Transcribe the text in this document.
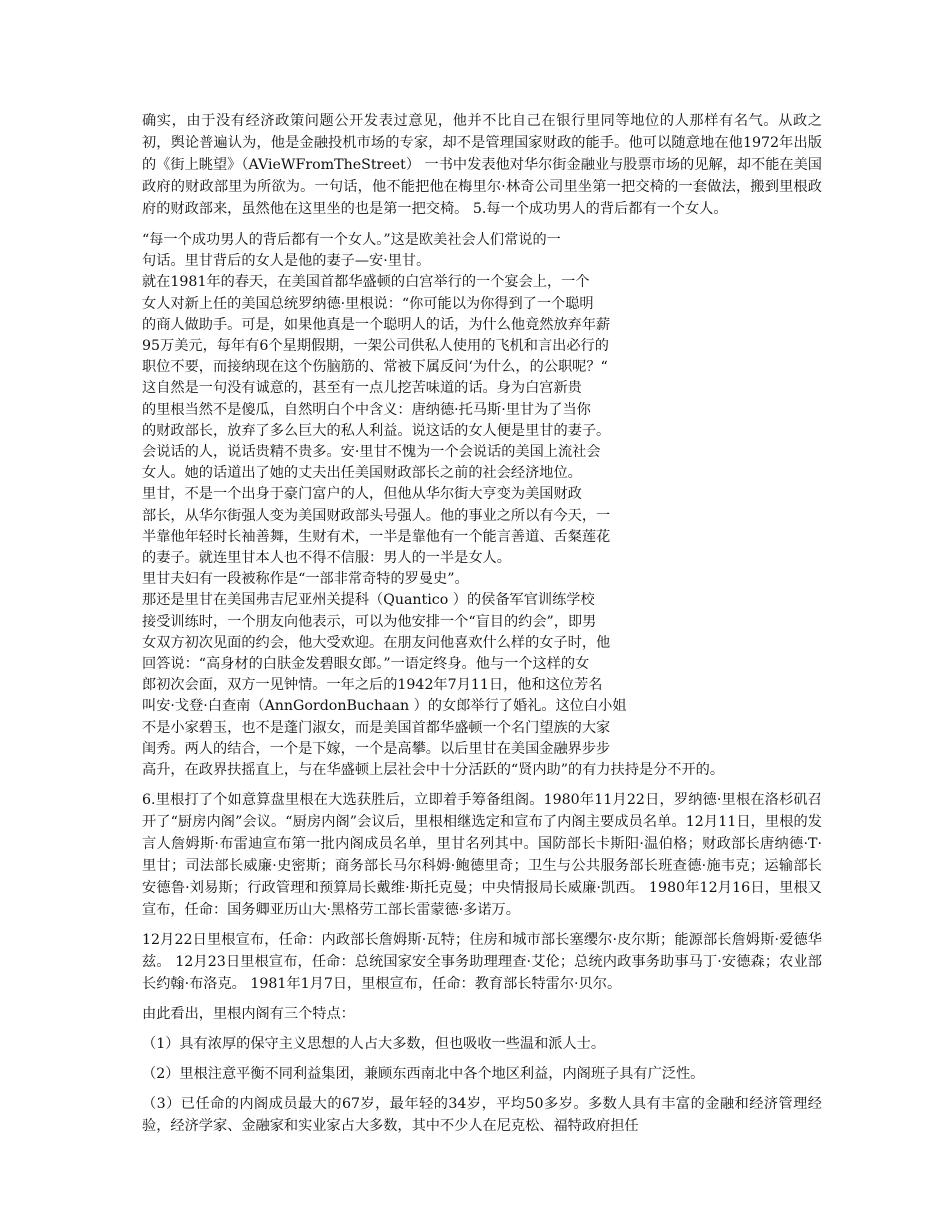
确实，由于没有经济政策问题公开发表过意见，他并不比自己在银行里同等地位的人那样有名气。从政之初，舆论普遍认为，他是金融投机市场的专家，却不是管理国家财政的能手。他可以随意地在他1972年出版的《街上眺望》（AVieWFromTheStreet） 一书中发表他对华尔街金融业与股票市场的见解，却不能在美国政府的财政部里为所欲为。一句话，他不能把他在梅里尔·林奇公司里坐第一把交椅的一套做法，搬到里根政府的财政部来，虽然他在这里坐的也是第一把交椅。 5.每一个成功男人的背后都有一个女人。

“每一个成功男人的背后都有一个女人。”这是欧美社会人们常说的一

句话。里甘背后的女人是他的妻子—安·里甘。

就在1981年的春天，在美国首都华盛顿的白宫举行的一个宴会上，一个

女人对新上任的美国总统罗纳德·里根说：“你可能以为你得到了一个聪明

的商人做助手。可是，如果他真是一个聪明人的话，为什么他竟然放弃年薪

95万美元，每年有6个星期假期，一架公司供私人使用的飞机和言出必行的

职位不要，而接纳现在这个伤脑筋的、常被下属反问‘为什么，的公职呢？“

这自然是一句没有诚意的，甚至有一点儿挖苦味道的话。身为白宫新贵

的里根当然不是傻瓜，自然明白个中含义：唐纳德·托马斯·里甘为了当你

的财政部长，放弃了多么巨大的私人利益。说这话的女人便是里甘的妻子。

会说话的人，说话贵精不贵多。安·里甘不愧为一个会说话的美国上流社会

女人。她的话道出了她的丈夫出任美国财政部长之前的社会经济地位。

里甘，不是一个出身于豪门富户的人，但他从华尔街大亨变为美国财政

部长，从华尔街强人变为美国财政部头号强人。他的事业之所以有今天，一

半靠他年轻时长袖善舞，生财有术，一半是靠他有一个能言善道、舌粲莲花

的妻子。就连里甘本人也不得不信服：男人的一半是女人。

里甘夫妇有一段被称作是“一部非常奇特的罗曼史”。

那还是里甘在美国弗吉尼亚州关提科（Quantico ）的侯备军官训练学校

接受训练时，一个朋友向他表示，可以为他安排一个“盲目的约会”，即男

女双方初次见面的约会，他大受欢迎。在朋友问他喜欢什么样的女子时，他

回答说：“高身材的白肤金发碧眼女郎。”一语定终身。他与一个这样的女

郎初次会面，双方一见钟情。一年之后的1942年7月11日，他和这位芳名

叫安·戈登·白查南（AnnGordonBuchaan ）的女郎举行了婚礼。这位白小姐

不是小家碧玉，也不是蓬门淑女，而是美国首都华盛顿一个名门望族的大家

闺秀。两人的结合，一个是下嫁，一个是高攀。以后里甘在美国金融界步步

高升，在政界扶摇直上，与在华盛顿上层社会中十分活跃的“贤内助”的有力扶持是分不开的。

6.里根打了个如意算盘里根在大选获胜后，立即着手筹备组阁。1980年11月22日，罗纳德·里根在洛杉矶召开了“厨房内阁”会议。“厨房内阁”会议后，里根相继选定和宣布了内阁主要成员名单。12月11日，里根的发言人詹姆斯·布雷迪宣布第一批内阁成员名单，里甘名列其中。国防部长卡斯阳·温伯格；财政部长唐纳德·T·里甘；司法部长威廉·史密斯；商务部长马尔科姆·鲍德里奇；卫生与公共服务部长班查德·施韦克；运输部长安德鲁·刘易斯；行政管理和预算局长戴维·斯托克曼；中央情报局长威廉·凯西。 1980年12月16日，里根又宣布，任命：国务卿亚历山大·黑格劳工部长雷蒙德·多诺万。

12月22日里根宣布，任命：内政部长詹姆斯·瓦特；住房和城市部长塞缨尔·皮尔斯；能源部长詹姆斯·爱德华兹。 12月23日里根宣布，任命：总统国家安全事务助理理查·艾伦；总统内政事务助事马丁·安德森；农业部长约翰·布洛克。 1981年1月7日，里根宣布，任命：教育部长特雷尔·贝尔。

由此看出，里根内阁有三个特点：

（1）具有浓厚的保守主义思想的人占大多数，但也吸收一些温和派人士。

（2）里根注意平衡不同利益集团，兼顾东西南北中各个地区利益，内阁班子具有广泛性。

（3）已任命的内阁成员最大的67岁，最年轻的34岁，平均50多岁。多数人具有丰富的金融和经济管理经验，经济学家、金融家和实业家占大多数，其中不少人在尼克松、福特政府担任
